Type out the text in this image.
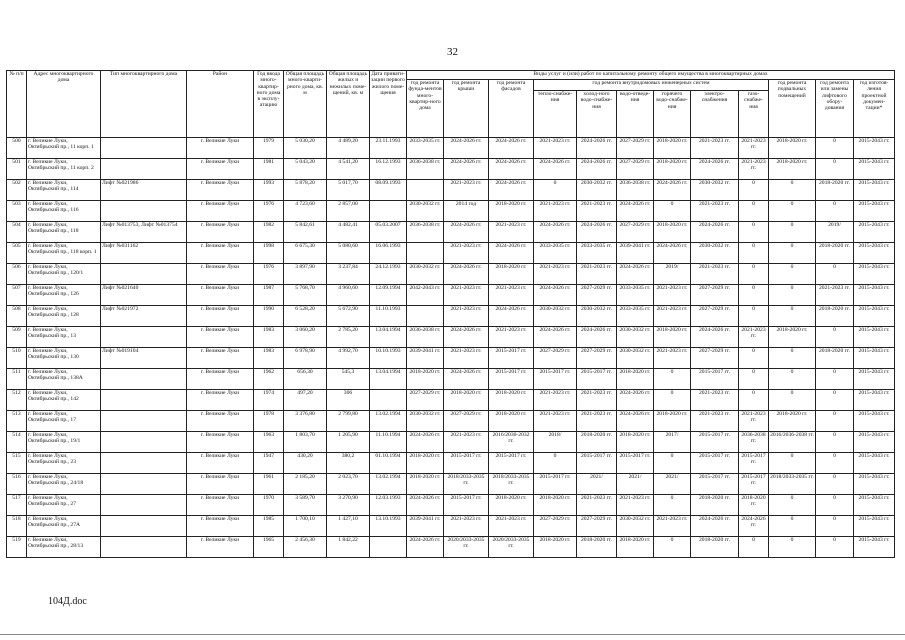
32
№ п/п	Адрес многоквартирного дома	Тип многоквартирного дома	Район	Год ввода много-квартир-ного дома в эксплу-атацию	Общая площадь много-кварти-рного дома, кв. м	Общая площадь жилых и нежилых поме-щений, кв. м	Дата привати-зации первого жилого поме-щения	Виды услуг и (или) работ по капитальному ремонту общего имущества в многоквартирных домах											
								год ремонта фунда-ментов много-квартир-ного дома	год ремонта крыши	год ремонта фасадов	год ремонта внутридомовых инженерных систем						год ремонта подвальных помещений	год ремонта или замены лифтового обору-дования	год изготов-ления проектной докумен-тации*
											тепло-снабже-ния	холод-ного водо-снабже-ния	водо-отведе-ния	горячего водо-снабже-ния	электро-снабжения	газо-снабже-ния			
500	г. Великие Луки, Октябрьский пр., 11 корп. 1		г. Великие Луки	1979	5 030,20	4 489,20	23.11.1993	2033-2035 гг.	2024-2026 гг.	2024-2026 гг.	2021-2023 гг.	2024-2026 гг.	2027-2029 гг.	2018-2020 гг.	2021-2023 гг.	2021-2023 гг.	2018-2020 гг.	0	2015-2043 гг.
501	г. Великие Луки, Октябрьский пр., 11 корп. 2		г. Великие Луки	1981	5 043,20	4 541,20	16.12.1993	2036-2038 гг.	2024-2026 гг.	2024-2026 гг.	2024-2026 гг.	2024-2026 гг.	2027-2029 гг.	2018-2020 гг.	2024-2026 гг.	2021-2023 гг.	2018-2020 гг.	0	2015-2043 гг.
502	г. Великие Луки, Октябрьский пр., 114	Лифт №021986	г. Великие Луки	1993	5 878,20	5 017,70	08.09.1993		2021-2023 гг.	2024-2026 гг.	0	2030-2032 гг.	2036-2038 гг.	2024-2026 гг.	2030-2032 гг.	0	0	2018-2020 гг.	2015-2043 гг.
503	г. Великие Луки, Октябрьский пр., 116		г. Великие Луки	1976	4 723,60	2 857,00		2030-2032 гг.	2014 год	2018-2020 гг.	2021-2023 гг.	2021-2023 гг.	2024-2026 гг.	0	2021-2023 гг.	0	0	0	2015-2043 гг.
504	г. Великие Луки, Октябрьский пр., 118	Лифт №013753, Лифт №013754	г. Великие Луки	1982	5 842,61	4 482,41	05.03.2007	2036-2038 гг.	2024-2026 гг.	2021-2023 гг.	2024-2026 гг.	2024-2026 гг.	2027-2029 гг.	2018-2020 гг.	2024-2026 гг.	0	0	2019/	2015-2043 гг.
505	г. Великие Луки, Октябрьский пр., 118 корп. 1	Лифт №031162	г. Великие Луки	1998	6 675,30	5 080,60	16.06.1993		2021-2023 гг.	2024-2026 гг.	2033-2035 гг.	2033-2035 гг.	2039-2041 гг.	2024-2026 гг.	2030-2032 гг.	0	0	2018-2020 гг.	2015-2043 гг.
506	г. Великие Луки, Октябрьский пр., 120/1		г. Великие Луки	1976	3 897,90	3 237,84	24.12.1993	2030-2032 гг.	2024-2026 гг.	2018-2020 гг.	2021-2023 гг.	2021-2023 гг.	2024-2026 гг.	2019/	2021-2023 гг.	0	0	0	2015-2043 гг.
507	г. Великие Луки, Октябрьский пр., 126	Лифт №021640	г. Великие Луки	1987	5 768,70	4 960,60	12.09.1994	2042-2043 гг.	2021-2023 гг.	2021-2023 гг.	2024-2026 гг.	2027-2029 гг.	2033-2035 гг.	2021-2023 гг.	2027-2029 гг.	0	0	2021-2023 гг.	2015-2043 гг.
508	г. Великие Луки, Октябрьский пр., 128	Лифт №021972	г. Великие Луки	1990	6 528,20	5 672,90	11.10.1993		2021-2023 гг.	2024-2026 гг.	2030-2032 гг.	2030-2032 гг.	2033-2035 гг.	2021-2023 гг.	2027-2029 гг.	0	0	2018-2020 гг.	2015-2043 гг.
509	г. Великие Луки, Октябрьский пр., 13		г. Великие Луки	1983	3 060,20	2 785,20	13.04.1994	2036-2038 гг.	2024-2026 гг.	2021-2023 гг.	2024-2026 гг.	2024-2026 гг.	2030-2032 гг.	2018-2020 гг.	2024-2026 гг.	2021-2023 гг.	2018-2020 гг.	0	2015-2043 гг.
510	г. Великие Луки, Октябрьский пр., 130	Лифт №019104	г. Великие Луки	1983	6 978,90	4 992,70	10.10.1993	2039-2041 гг.	2021-2023 гг.	2015-2017 гг.	2027-2029 гг.	2027-2029 гг.	2030-2032 гг.	2021-2023 гг.	2027-2029 гг.	0	0	2018-2020 гг.	2015-2043 гг.
511	г. Великие Луки, Октябрьский пр., 138А		г. Великие Луки	1962	656,30	545,3	13.04.1994	2018-2020 гг.	2024-2026 гг.	2015-2017 гг.	2015-2017 гг.	2015-2017 гг.	2018-2020 гг.	0	2015-2017 гг.	0	0	0	2015-2043 гг.
512	г. Великие Луки, Октябрьский пр., 142		г. Великие Луки	1974	497,20	306		2027-2029 гг.	2018-2020 гг.	2018-2020 гг.	2021-2023 гг.	2021-2023 гг.	2024-2026 гг.	0	2021-2023 гг.	0	0	0	2015-2043 гг.
513	г. Великие Луки, Октябрьский пр., 17		г. Великие Луки	1978	3 376,80	2 799,80	13.02.1994	2030-2032 гг.	2027-2029 гг.	2018-2020 гг.	2021-2023 гг.	2021-2023 гг.	2024-2026 гг.	2018-2020 гг.	2021-2023 гг.	2021-2023 гг.	2018-2020 гг.	0	2015-2043 гг.
514	г. Великие Луки, Октябрьский пр., 19/1		г. Великие Луки	1963	1 803,70	1 205,90	11.10.1994	2024-2026 гг.	2021-2023 гг.	2016/2030-2032 гг.	2018/	2018-2020 гг.	2018-2020 гг.	2017/	2015-2017 гг.	2036-2038 гг.	2016/2036-2038 гг.	0	2015-2043 гг.
515	г. Великие Луки, Октябрьский пр., 23		г. Великие Луки	1947	430,20	380,2	01.10.1994	2018-2020 гг.	2015-2017 гг.	2015-2017 гг.	0	2015-2017 гг.	2015-2017 гг.	0	2015-2017 гг.	2015-2017 гг.	0	0	2015-2043 гг.
516	г. Великие Луки, Октябрьский пр., 24/18		г. Великие Луки	1961	2 185,20	2 023,70	13.02.1994	2018-2020 гг.	2018/2033-2035 гг.	2018/2033-2035 гг.	2015-2017 гг.	2021/	2021/	2021/	2015-2017 гг.	2015-2017 гг.	2018/2033-2035 гг.	0	2015-2043 гг.
517	г. Великие Луки, Октябрьский пр., 27		г. Великие Луки	1970	3 589,70	3 270,90	12.03.1993	2024-2026 гг.	2015-2017 гг.	2018-2020 гг.	2018-2020 гг.	2021-2023 гг.	2021-2023 гг.	0	2018-2020 гг.	2018-2020 гг.	0	0	2015-2043 гг.
518	г. Великие Луки, Октябрьский пр., 27А		г. Великие Луки	1985	1 700,10	1 427,10	13.10.1993	2039-2041 гг.	2021-2023 гг.	2021-2023 гг.	2027-2029 гг.	2027-2029 гг.	2030-2032 гг.	2021-2023 гг.	2024-2026 гг.	2024-2026 гг.	0	0	2015-2043 гг.
519	г. Великие Луки, Октябрьский пр., 28/13		г. Великие Луки	1965	2 456,30	1 842,22		2024-2026 гг.	2020/2033-2035 гг.	2020/2033-2035 гг.	2018-2020 гг.	2018-2020 гг.	2018-2020 гг.	0	2018-2020 гг.	0	0	0	2015-2043 гг.
104Д.doc
